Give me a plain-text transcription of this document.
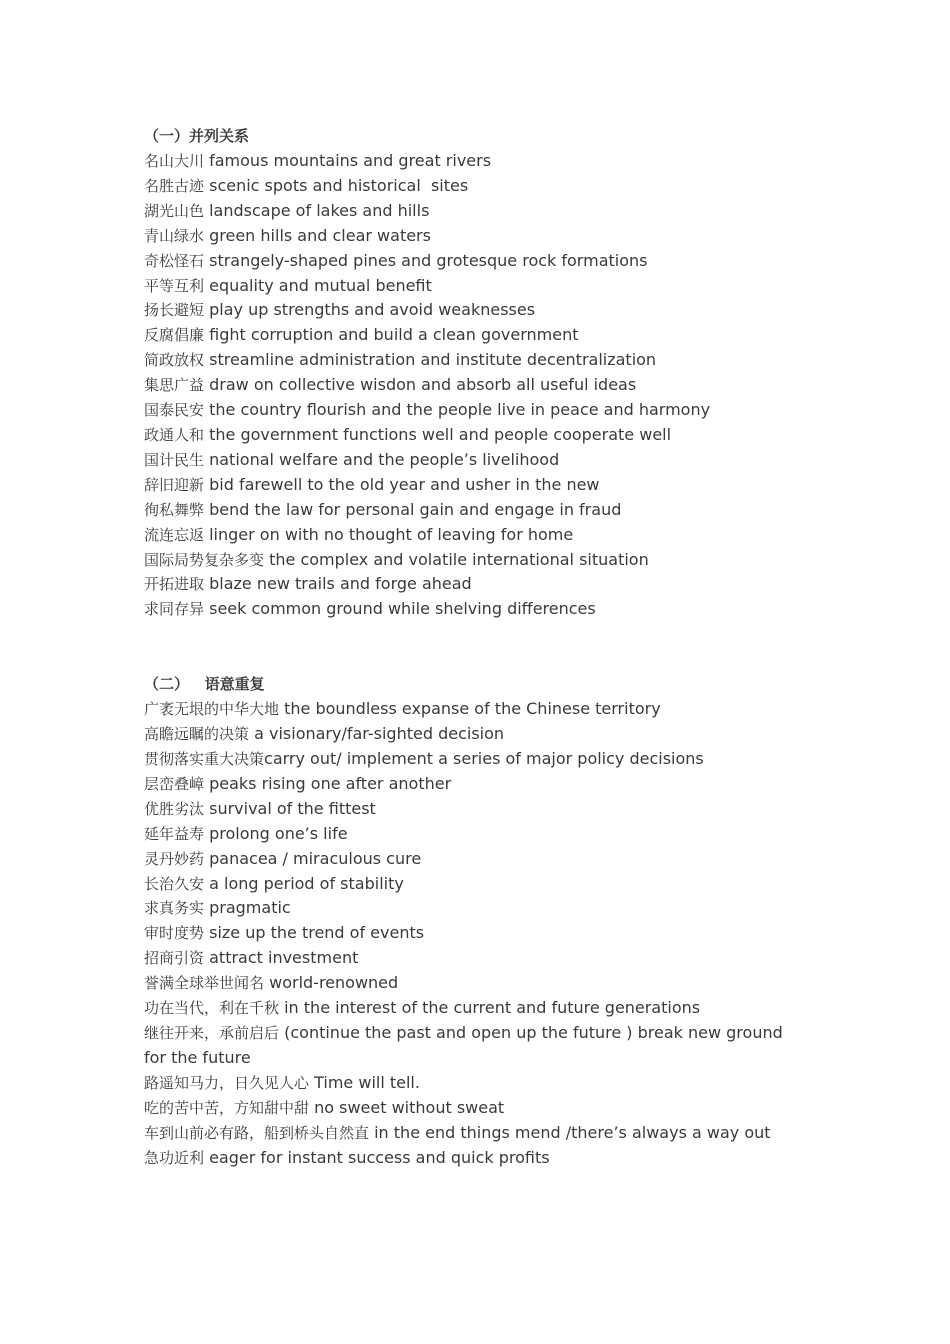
（一）并列关系
名山大川 famous mountains and great rivers
名胜古迹 scenic spots and historical  sites
湖光山色 landscape of lakes and hills
青山绿水 green hills and clear waters
奇松怪石 strangely-shaped pines and grotesque rock formations
平等互利 equality and mutual benefit
扬长避短 play up strengths and avoid weaknesses
反腐倡廉 fight corruption and build a clean government
简政放权 streamline administration and institute decentralization
集思广益 draw on collective wisdon and absorb all useful ideas
国泰民安 the country flourish and the people live in peace and harmony
政通人和 the government functions well and people cooperate well
国计民生 national welfare and the people’s livelihood
辞旧迎新 bid farewell to the old year and usher in the new
徇私舞弊 bend the law for personal gain and engage in fraud
流连忘返 linger on with no thought of leaving for home
国际局势复杂多变 the complex and volatile international situation
开拓进取 blaze new trails and forge ahead
求同存异 seek common ground while shelving differences
（二）   语意重复
广袤无垠的中华大地 the boundless expanse of the Chinese territory
高瞻远瞩的决策 a visionary/far-sighted decision
贯彻落实重大决策carry out/ implement a series of major policy decisions
层峦叠嶂 peaks rising one after another
优胜劣汰 survival of the fittest
延年益寿 prolong one’s life
灵丹妙药 panacea / miraculous cure
长治久安 a long period of stability
求真务实 pragmatic
审时度势 size up the trend of events
招商引资 attract investment
誉满全球举世闻名 world-renowned
功在当代，利在千秋 in the interest of the current and future generations
继往开来，承前启后 (continue the past and open up the future ) break new ground for the future
路遥知马力，日久见人心 Time will tell.
吃的苦中苦，方知甜中甜 no sweet without sweat
车到山前必有路，船到桥头自然直 in the end things mend /there’s always a way out
急功近利 eager for instant success and quick profits
